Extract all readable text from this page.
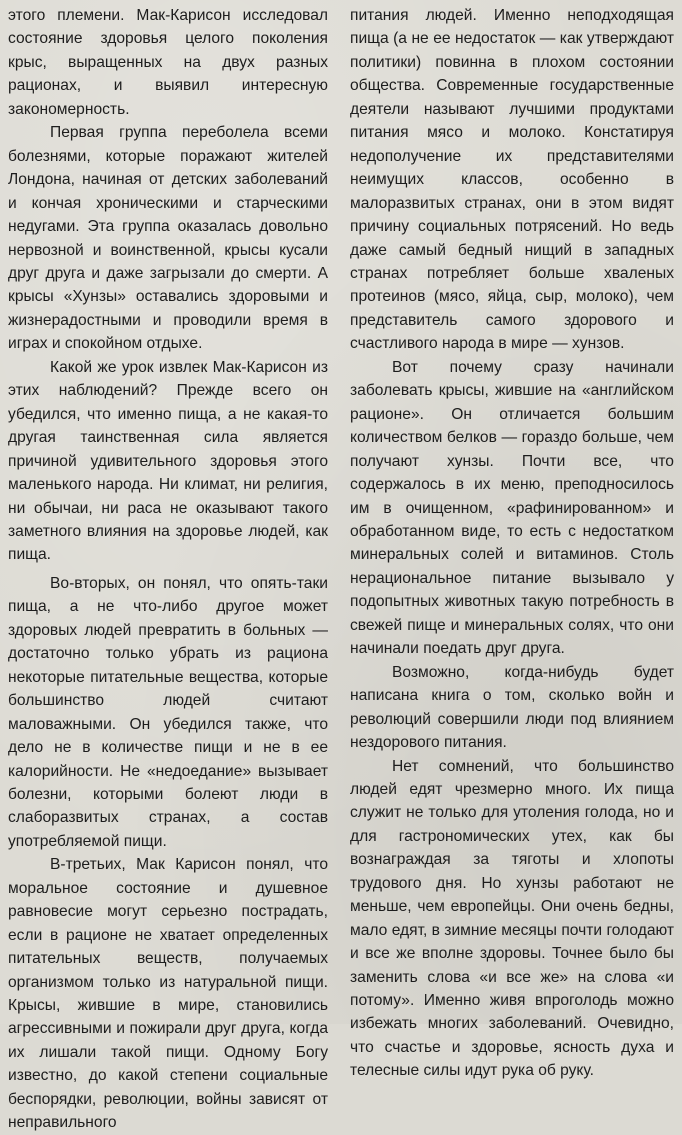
этого племени. Мак-Карисон исследовал состояние здоровья целого поколения крыс, выращенных на двух разных рационах, и выявил интересную закономерность.

Первая группа переболела всеми болезнями, которые поражают жителей Лондона, начиная от детских заболеваний и кончая хроническими и старческими недугами. Эта группа оказалась довольно нервозной и воинственной, крысы кусали друг друга и даже загрызали до смерти. А крысы «Хунзы» оставались здоровыми и жизнерадостными и проводили время в играх и спокойном отдыхе.

Какой же урок извлек Мак-Карисон из этих наблюдений? Прежде всего он убедился, что именно пища, а не какая-то другая таинственная сила является причиной удивительного здоровья этого маленького народа. Ни климат, ни религия, ни обычаи, ни раса не оказывают такого заметного влияния на здоровье людей, как пища.

Во-вторых, он понял, что опять-таки пища, а не что-либо другое может здоровых людей превратить в больных — достаточно только убрать из рациона некоторые питательные вещества, которые большинство людей считают маловажными. Он убедился также, что дело не в количестве пищи и не в ее калорийности. Не «недоедание» вызывает болезни, которыми болеют люди в слаборазвитых странах, а состав употребляемой пищи.

В-третьих, Мак Карисон понял, что моральное состояние и душевное равновесие могут серьезно пострадать, если в рационе не хватает определенных питательных веществ, получаемых организмом только из натуральной пищи. Крысы, жившие в мире, становились агрессивными и пожирали друг друга, когда их лишали такой пищи. Одному Богу известно, до какой степени социальные беспорядки, революции, войны зависят от неправильного

питания людей. Именно неподходящая пища (а не ее недостаток — как утверждают политики) повинна в плохом состоянии общества. Современные государственные деятели называют лучшими продуктами питания мясо и молоко. Констатируя недополучение их представителями неимущих классов, особенно в малоразвитых странах, они в этом видят причину социальных потрясений. Но ведь даже самый бедный нищий в западных странах потребляет больше хваленых протеинов (мясо, яйца, сыр, молоко), чем представитель самого здорового и счастливого народа в мире — хунзов.

Вот почему сразу начинали заболевать крысы, жившие на «английском рационе». Он отличается большим количеством белков — гораздо больше, чем получают хунзы. Почти все, что содержалось в их меню, преподносилось им в очищенном, «рафинированном» и обработанном виде, то есть с недостатком минеральных солей и витаминов. Столь нерациональное питание вызывало у подопытных животных такую потребность в свежей пище и минеральных солях, что они начинали поедать друг друга.

Возможно, когда-нибудь будет написана книга о том, сколько войн и революций совершили люди под влиянием нездорового питания.

Нет сомнений, что большинство людей едят чрезмерно много. Их пища служит не только для утоления голода, но и для гастрономических утех, как бы вознаграждая за тяготы и хлопоты трудового дня. Но хунзы работают не меньше, чем европейцы. Они очень бедны, мало едят, в зимние месяцы почти голодают и все же вполне здоровы. Точнее было бы заменить слова «и все же» на слова «и потому». Именно живя впроголодь можно избежать многих заболеваний. Очевидно, что счастье и здоровье, ясность духа и телесные силы идут рука об руку.
